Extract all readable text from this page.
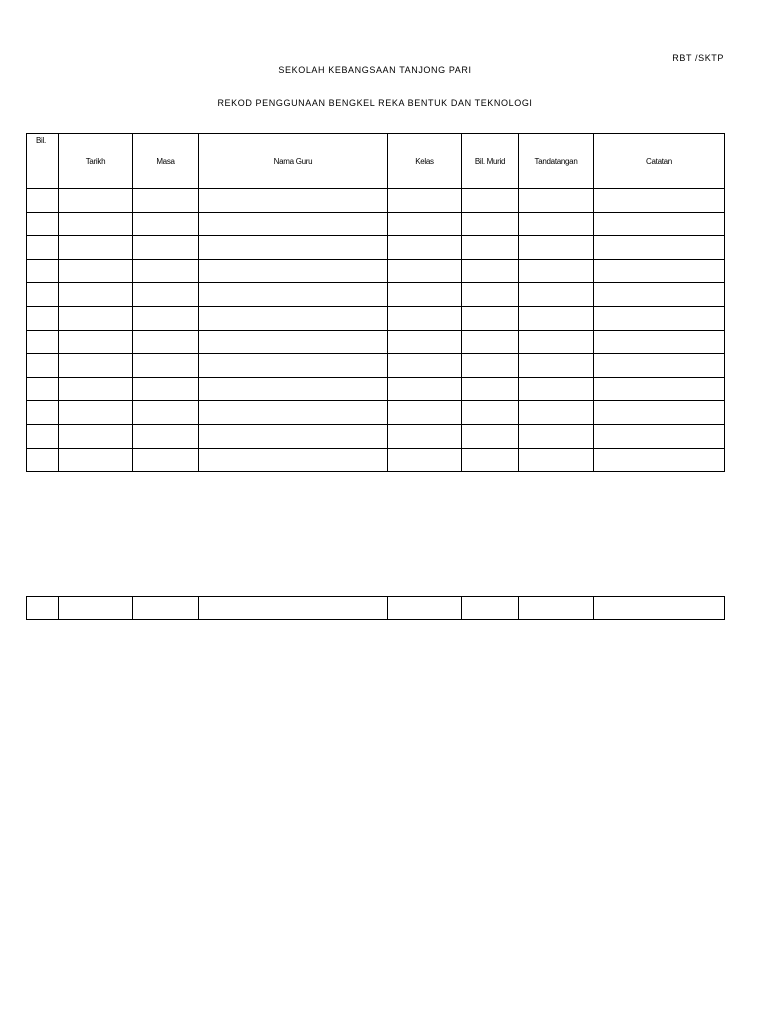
RBT /SKTP
SEKOLAH KEBANGSAAN TANJONG PARI
REKOD PENGGUNAAN BENGKEL REKA BENTUK DAN TEKNOLOGI
Bil.	Tarikh	Masa	Nama Guru	Kelas	Bil. Murid	Tandatangan	Catatan
